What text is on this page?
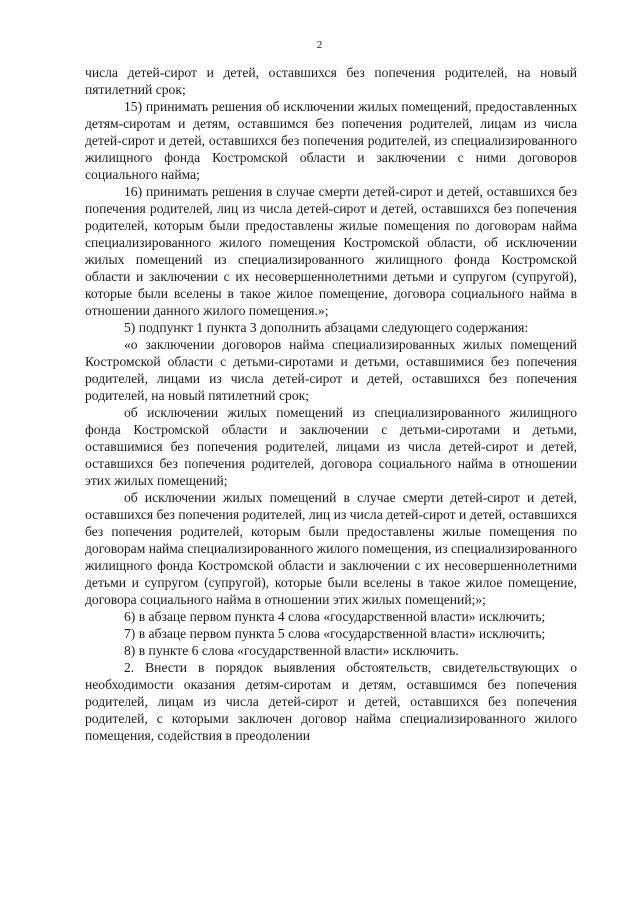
2

числа детей-сирот и детей, оставшихся без попечения родителей, на новый пятилетний срок;

15) принимать решения об исключении жилых помещений, предоставленных детям-сиротам и детям, оставшимся без попечения родителей, лицам из числа детей-сирот и детей, оставшихся без попечения родителей, из специализированного жилищного фонда Костромской области и заключении с ними договоров социального найма;

16) принимать решения в случае смерти детей-сирот и детей, оставшихся без попечения родителей, лиц из числа детей-сирот и детей, оставшихся без попечения родителей, которым были предоставлены жилые помещения по договорам найма специализированного жилого помещения Костромской области, об исключении жилых помещений из специализированного жилищного фонда Костромской области и заключении с их несовершеннолетними детьми и супругом (супругой), которые были вселены в такое жилое помещение, договора социального найма в отношении данного жилого помещения.»;

5) подпункт 1 пункта 3 дополнить абзацами следующего содержания:

«о заключении договоров найма специализированных жилых помещений Костромской области с детьми-сиротами и детьми, оставшимися без попечения родителей, лицами из числа детей-сирот и детей, оставшихся без попечения родителей, на новый пятилетний срок;

об исключении жилых помещений из специализированного жилищного фонда Костромской области и заключении с детьми-сиротами и детьми, оставшимися без попечения родителей, лицами из числа детей-сирот и детей, оставшихся без попечения родителей, договора социального найма в отношении этих жилых помещений;

об исключении жилых помещений в случае смерти детей-сирот и детей, оставшихся без попечения родителей, лиц из числа детей-сирот и детей, оставшихся без попечения родителей, которым были предоставлены жилые помещения по договорам найма специализированного жилого помещения, из специализированного жилищного фонда Костромской области и заключении с их несовершеннолетними детьми и супругом (супругой), которые были вселены в такое жилое помещение, договора социального найма в отношении этих жилых помещений;»;

6) в абзаце первом пункта 4 слова «государственной власти» исключить;

7) в абзаце первом пункта 5 слова «государственной власти» исключить;

8) в пункте 6 слова «государственной власти» исключить.

2. Внести в порядок выявления обстоятельств, свидетельствующих о необходимости оказания детям-сиротам и детям, оставшимся без попечения родителей, лицам из числа детей-сирот и детей, оставшихся без попечения родителей, с которыми заключен договор найма специализированного жилого помещения, содействия в преодолении
